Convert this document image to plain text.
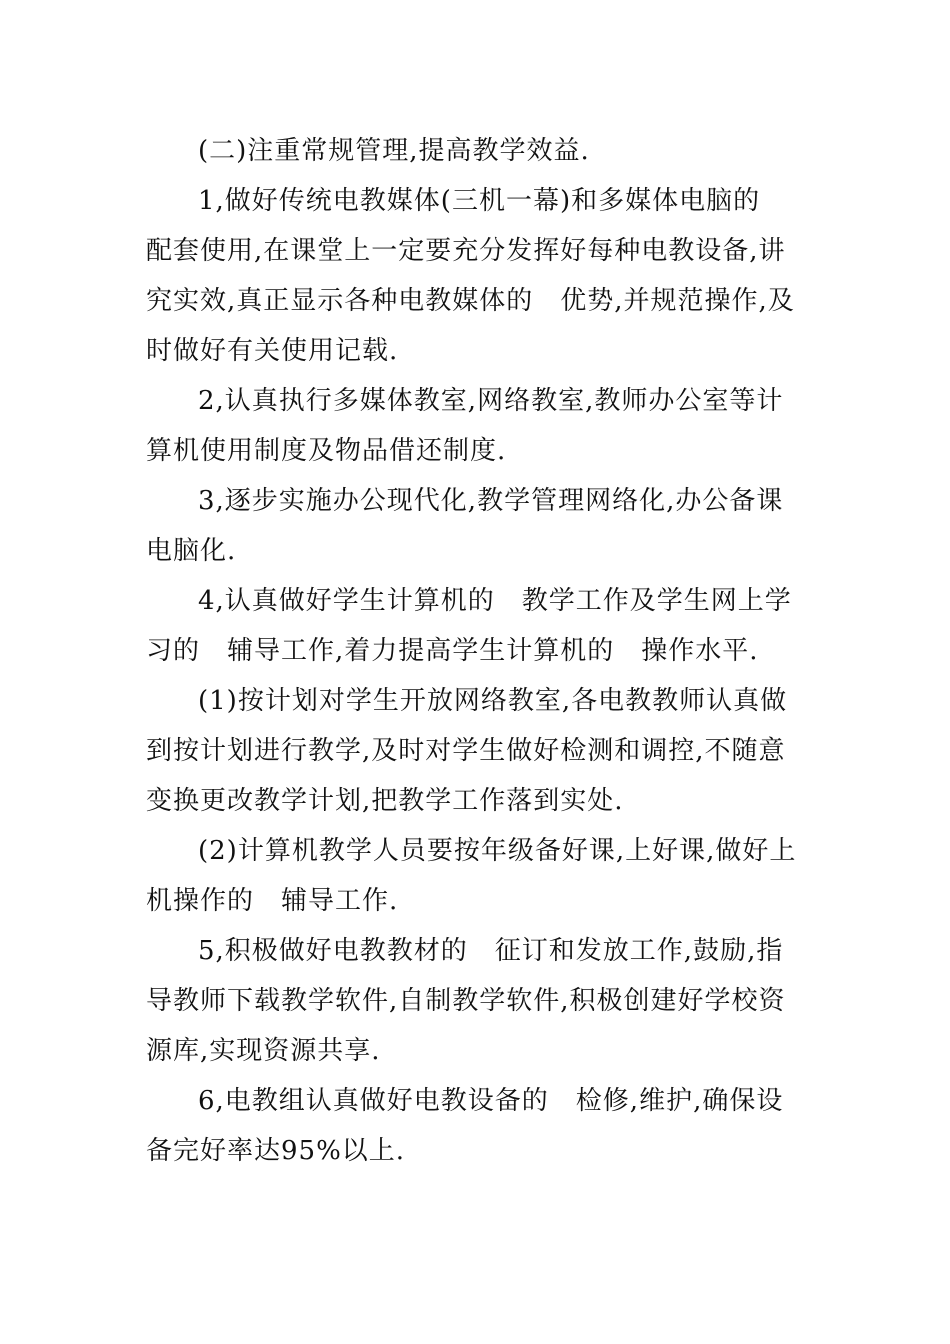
(二)注重常规管理,提高教学效益.

1,做好传统电教媒体(三机一幕)和多媒体电脑的　配套使用,在课堂上一定要充分发挥好每种电教设备,讲究实效,真正显示各种电教媒体的　优势,并规范操作,及时做好有关使用记载.

2,认真执行多媒体教室,网络教室,教师办公室等计算机使用制度及物品借还制度.

3,逐步实施办公现代化,教学管理网络化,办公备课电脑化.

4,认真做好学生计算机的　教学工作及学生网上学习的　辅导工作,着力提高学生计算机的　操作水平.

(1)按计划对学生开放网络教室,各电教教师认真做到按计划进行教学,及时对学生做好检测和调控,不随意变换更改教学计划,把教学工作落到实处.

(2)计算机教学人员要按年级备好课,上好课,做好上机操作的　辅导工作.

5,积极做好电教教材的　征订和发放工作,鼓励,指导教师下载教学软件,自制教学软件,积极创建好学校资源库,实现资源共享.

6,电教组认真做好电教设备的　检修,维护,确保设备完好率达95%以上.
